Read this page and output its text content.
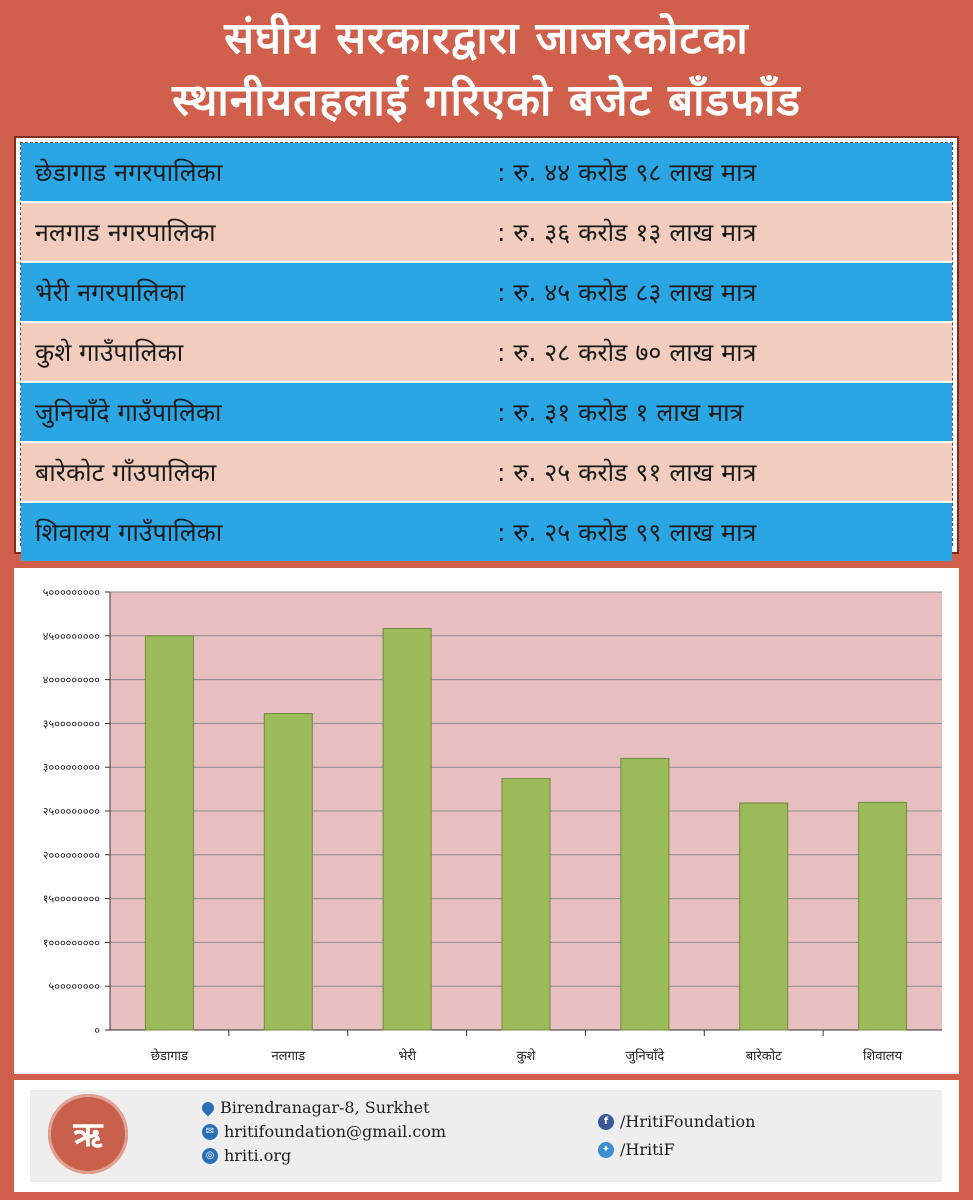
संघीय सरकारद्वारा जाजरकोटका
स्थानीयतहलाई गरिएको बजेट बाँडफाँड
छेडागाड नगरपालिका	: रु. ४४ करोड ९८ लाख मात्र
नलगाड नगरपालिका	: रु. ३६ करोड १३ लाख मात्र
भेरी नगरपालिका	: रु. ४५ करोड ८३ लाख मात्र
कुशे गाउँपालिका	: रु. २८ करोड ७० लाख मात्र
जुनिचाँदे गाउँपालिका	: रु. ३१ करोड १ लाख मात्र
बारेकोट गाँउपालिका	: रु. २५ करोड ९१ लाख मात्र
शिवालय गाउँपालिका	: रु. २५ करोड ९९ लाख मात्र
०
५००००००००
१०००००००००
१५००००००००
२०००००००००
२५००००००००
३०००००००००
३५००००००००
४०००००००००
४५००००००००
५०००००००००
छेडागाड	नलगाड	भेरी	कुशे	जुनिचाँदे	बारेकोट	शिवालय
ऋ
Birendranagar-8, Surkhet
✉ hritifoundation@gmail.com
◎ hriti.org
f /HritiFoundation
✦ /HritiF
